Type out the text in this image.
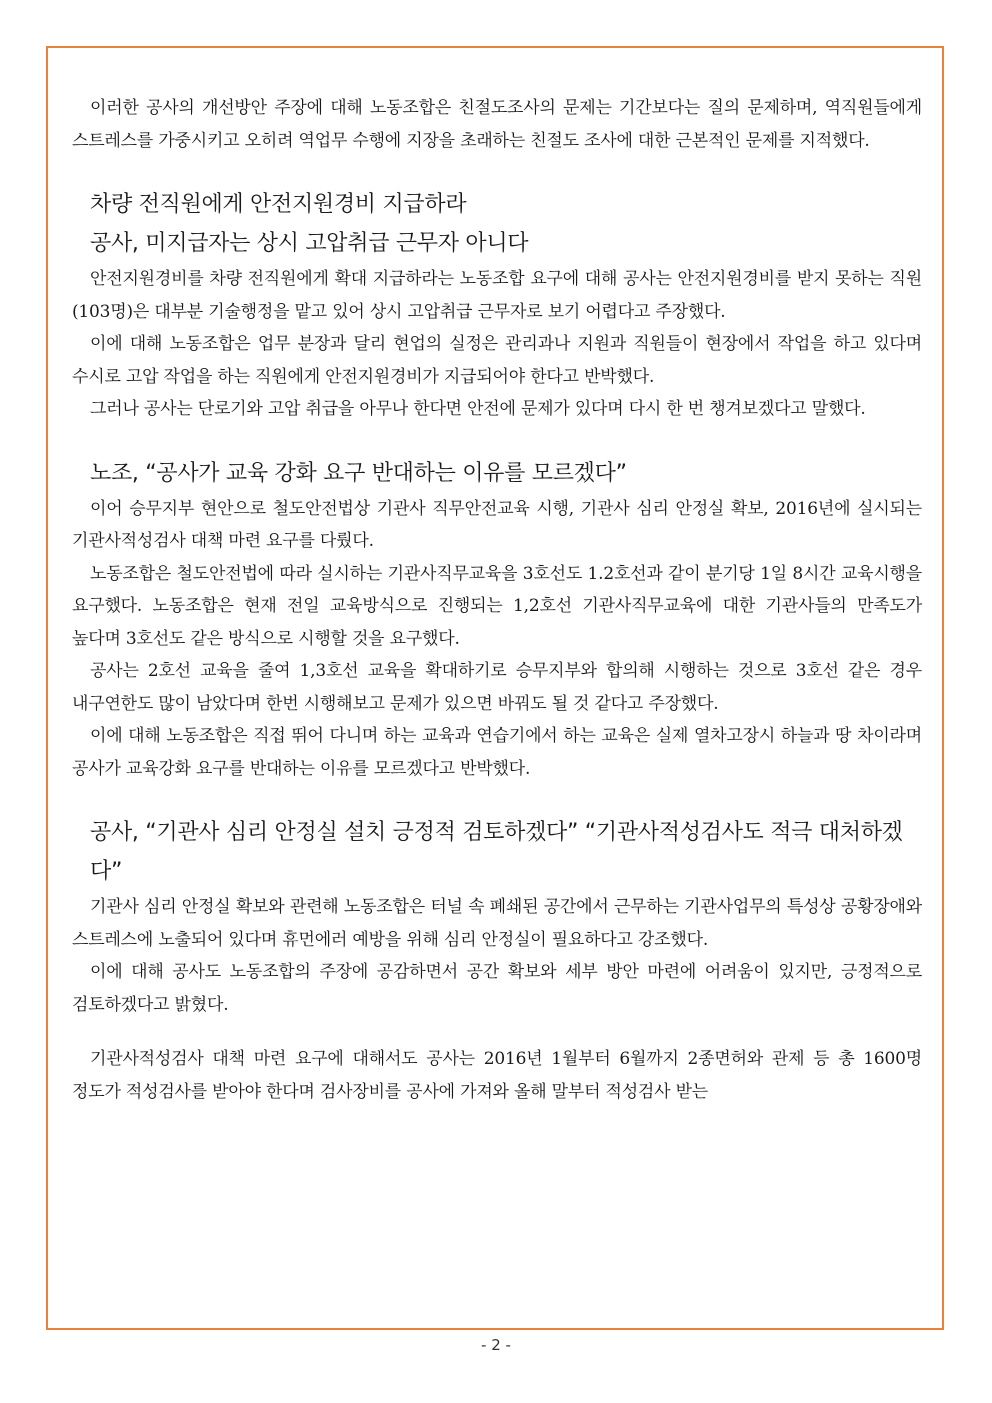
이러한 공사의 개선방안 주장에 대해 노동조합은 친절도조사의 문제는 기간보다는 질의 문제하며, 역직원들에게 스트레스를 가중시키고 오히려 역업무 수행에 지장을 초래하는 친절도 조사에 대한 근본적인 문제를 지적했다.

차량 전직원에게 안전지원경비 지급하라
공사, 미지급자는 상시 고압취급 근무자 아니다

안전지원경비를 차량 전직원에게 확대 지급하라는 노동조합 요구에 대해 공사는 안전지원경비를 받지 못하는 직원(103명)은 대부분 기술행정을 맡고 있어 상시 고압취급 근무자로 보기 어렵다고 주장했다.

이에 대해 노동조합은 업무 분장과 달리 현업의 실정은 관리과나 지원과 직원들이 현장에서 작업을 하고 있다며 수시로 고압 작업을 하는 직원에게 안전지원경비가 지급되어야 한다고 반박했다.

그러나 공사는 단로기와 고압 취급을 아무나 한다면 안전에 문제가 있다며 다시 한 번 챙겨보겠다고 말했다.

노조, “공사가 교육 강화 요구 반대하는 이유를 모르겠다”

이어 승무지부 현안으로 철도안전법상 기관사 직무안전교육 시행, 기관사 심리 안정실 확보, 2016년에 실시되는 기관사적성검사 대책 마련 요구를 다뤘다.

노동조합은 철도안전법에 따라 실시하는 기관사직무교육을 3호선도 1.2호선과 같이 분기당 1일 8시간 교육시행을 요구했다. 노동조합은 현재 전일 교육방식으로 진행되는 1,2호선 기관사직무교육에 대한 기관사들의 만족도가 높다며 3호선도 같은 방식으로 시행할 것을 요구했다.

공사는 2호선 교육을 줄여 1,3호선 교육을 확대하기로 승무지부와 합의해 시행하는 것으로 3호선 같은 경우 내구연한도 많이 남았다며 한번 시행해보고 문제가 있으면 바꿔도 될 것 같다고 주장했다.

이에 대해 노동조합은 직접 뛰어 다니며 하는 교육과 연습기에서 하는 교육은 실제 열차고장시 하늘과 땅 차이라며 공사가 교육강화 요구를 반대하는 이유를 모르겠다고 반박했다.

공사, “기관사 심리 안정실 설치 긍정적 검토하겠다” “기관사적성검사도 적극 대처하겠다”

기관사 심리 안정실 확보와 관련해 노동조합은 터널 속 폐쇄된 공간에서 근무하는 기관사업무의 특성상 공황장애와 스트레스에 노출되어 있다며 휴먼에러 예방을 위해 심리 안정실이 필요하다고 강조했다.

이에 대해 공사도 노동조합의 주장에 공감하면서 공간 확보와 세부 방안 마련에 어려움이 있지만, 긍정적으로 검토하겠다고 밝혔다.

기관사적성검사 대책 마련 요구에 대해서도 공사는 2016년 1월부터 6월까지 2종면허와 관제 등 총 1600명 정도가 적성검사를 받아야 한다며 검사장비를 공사에 가져와 올해 말부터 적성검사 받는

- 2 -
